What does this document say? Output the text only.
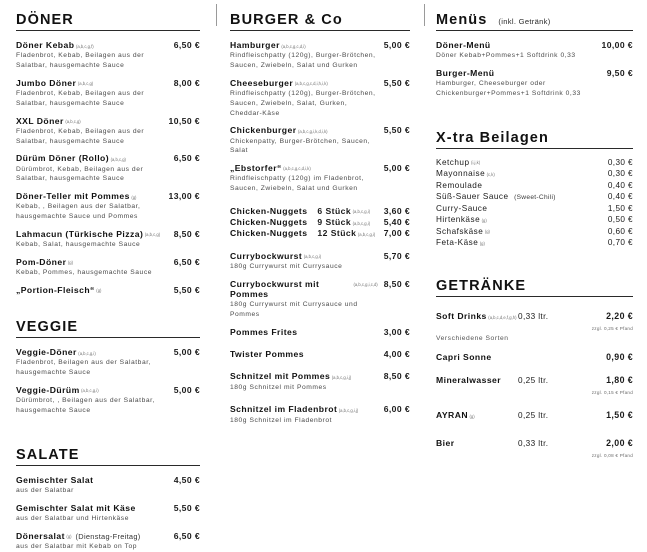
DÖNER
Döner Kebab (a,b,c,g,f)	6,50 €
Fladenbrot, Kebab, Beilagen aus der Salatbar, hausgemachte Sauce
Jumbo Döner (a,b,c,g)	8,00 €
Fladenbrot, Kebab, Beilagen aus der Salatbar, hausgemachte Sauce
XXL Döner (a,b,c,g)	10,50 €
Fladenbrot, Kebab, Beilagen aus der Salatbar, hausgemachte Sauce
Dürüm Döner (Rollo) (a,b,c,g)	6,50 €
Dürümbrot, Kebab, Beilagen aus der Salatbar, hausgemachte Sauce
Döner-Teller mit Pommes (g)	13,00 €
Kebab, , Beilagen aus der Salatbar, hausgemachte Sauce und Pommes
Lahmacun (Türkische Pizza) (a,b,c,g) 8,50 €
Kebab, Salat, hausgemachte Sauce
Pom-Döner (g)	6,50 €
Kebab, Pommes, hausgemachte Sauce
„Portion-Fleisch“ (g)	5,50 €
VEGGIE
Veggie-Döner (a,b,c,g,i)	5,00 €
Fladenbrot, Beilagen aus der Salatbar, hausgemachte Sauce
Veggie-Dürüm (a,b,c,g,i)	5,00 €
Dürümbrot, , Beilagen aus der Salatbar, hausgemachte Sauce
SALATE
Gemischter Salat	4,50 €
aus der Salatbar
Gemischter Salat mit Käse	5,50 €
aus der Salatbar und Hirtenkäse
Dönersalat (g) (Dienstag-Freitag)	6,50 €
aus der Salatbar mit Kebab on Top
BURGER & Co
Hamburger (a,b,c,g,c,d,i)	5,00 €
Rindfleischpatty (120g), Burger-Brötchen, Saucen, Zwiebeln, Salat und Gurken
Cheeseburger (a,b,c,g,c,d,i,h,i,k)	5,50 €
Rindfleischpatty (120g), Burger-Brötchen, Saucen, Zwiebeln, Salat, Gurken, Cheddar-Käse
Chickenburger (a,b,c,g,i,k,d,i,k)	5,50 €
Chickenpatty, Burger-Brötchen, Saucen, Salat
„Ebstorfer“ (a,b,c,g,c,d,i,k)	5,00 €
Rindfleischpatty (120g) im Fladenbrot, Saucen, Zwiebeln, Salat und Gurken
Chicken-Nuggets 6 Stück (a,b,c,g,i) 3,60 €
Chicken-Nuggets 9 Stück (a,b,c,g,i) 5,40 €
Chicken-Nuggets 12 Stück (a,b,c,g,i) 7,00 €
Currybockwurst (a,b,c,g,i)	5,70 €
180g Currywurst mit Currysauce
Currybockwurst mit Pommes
(a,b,c,g,i,c,d) 8,50 €
180g Currywurst mit Currysauce und Pommes
Pommes Frites	3,00 €
Twister Pommes	4,00 €
Schnitzel mit Pommes (a,b,c,g,i,j)	8,50 €
180g Schnitzel mit Pommes
Schnitzel im Fladenbrot (a,b,c,g,i,j)	6,00 €
180g Schnitzel im Fladenbrot
Menüs (inkl. Getränk)
Döner-Menü	10,00 €
Döner Kebab+Pommes+1 Softdrink 0,33
Burger-Menü	9,50 €
Hamburger, Cheeseburger oder Chickenburger+Pommes+1 Softdrink 0,33
X-tra Beilagen
Ketchup (i,j,k)	0,30 €
Mayonnaise (c,k)	0,30 €
Remoulade	0,40 €
Süß-Sauer Sauce (Sweet-Chili)	0,40 €
Curry-Sauce	1,50 €
Hirtenkäse (g)	0,50 €
Schafskäse (g)	0,60 €
Feta-Käse (g)	0,70 €
GETRÄNKE
Soft Drinks (a,b,c,d,e,f,g,h) 0,33 ltr.	2,20 €
zzgl. 0,25 € Pfand
Verschiedene Sorten
Capri Sonne	0,90 €
Mineralwasser	0,25 ltr.	1,80 €
zzgl. 0,15 € Pfand
AYRAN (g)	0,25 ltr.	1,50 €
Bier	0,33 ltr.	2,00 €
zzgl. 0,08 € Pfand
